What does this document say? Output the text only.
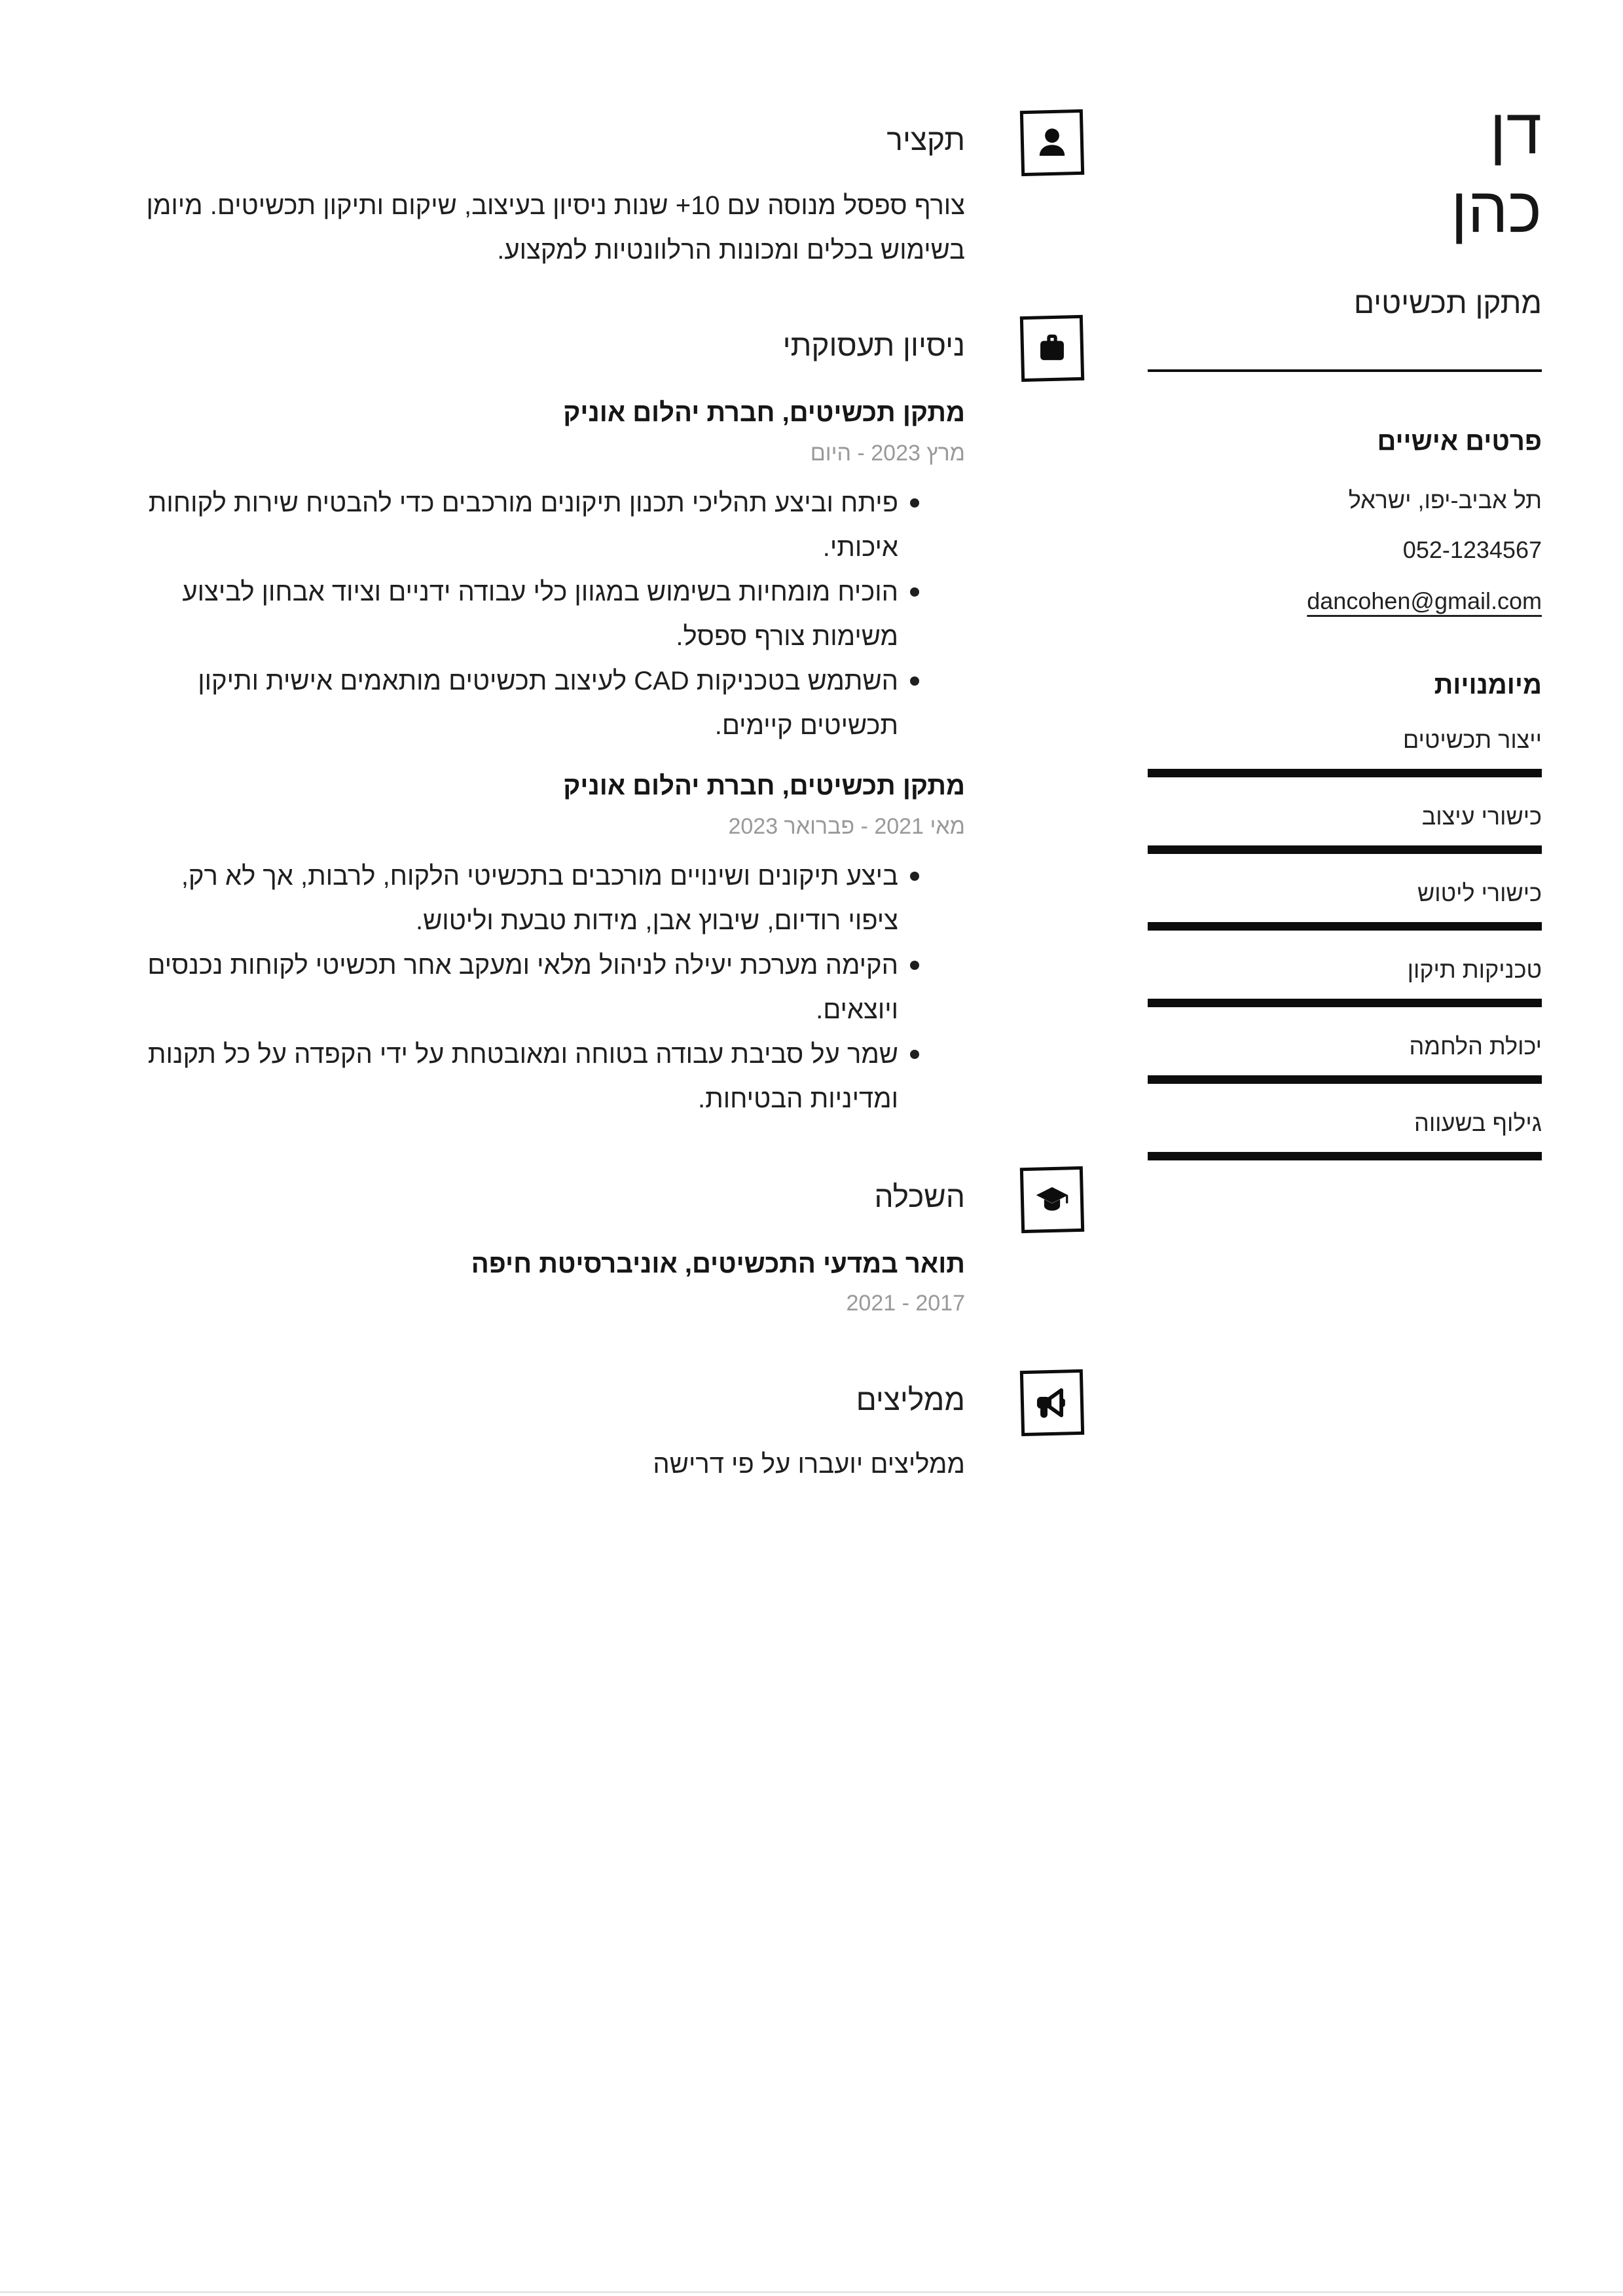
תקציר

צורף ספסל מנוסה עם 10+ שנות ניסיון בעיצוב, שיקום ותיקון תכשיטים. מיומן בשימוש בכלים ומכונות הרלוונטיות למקצוע.

ניסיון תעסוקתי
מתקן תכשיטים, חברת יהלום אוניק

מרץ 2023 - היום

פיתח וביצע תהליכי תכנון תיקונים מורכבים כדי להבטיח שירות לקוחות איכותי.
הוכיח מומחיות בשימוש במגוון כלי עבודה ידניים וציוד אבחון לביצוע משימות צורף ספסל.
השתמש בטכניקות CAD לעיצוב תכשיטים מותאמים אישית ותיקון תכשיטים קיימים.
מתקן תכשיטים, חברת יהלום אוניק

מאי 2021 - פברואר 2023

ביצע תיקונים ושינויים מורכבים בתכשיטי הלקוח, לרבות, אך לא רק, ציפוי רודיום, שיבוץ אבן, מידות טבעת וליטוש.
הקימה מערכת יעילה לניהול מלאי ומעקב אחר תכשיטי לקוחות נכנסים ויוצאים.
שמר על סביבת עבודה בטוחה ומאובטחת על ידי הקפדה על כל תקנות ומדיניות הבטיחות.
השכלה
תואר במדעי התכשיטים, אוניברסיטת חיפה

2017 - 2021

ממליצים

ממליצים יועברו על פי דרישה

דן
כהן
מתקן תכשיטים
פרטים אישיים
תל אביב-יפו, ישראל
052-1234567
dancohen@gmail.com
מיומנויות
ייצור תכשיטים
כישורי עיצוב
כישורי ליטוש
טכניקות תיקון
יכולת הלחמה
גילוף בשעווה
